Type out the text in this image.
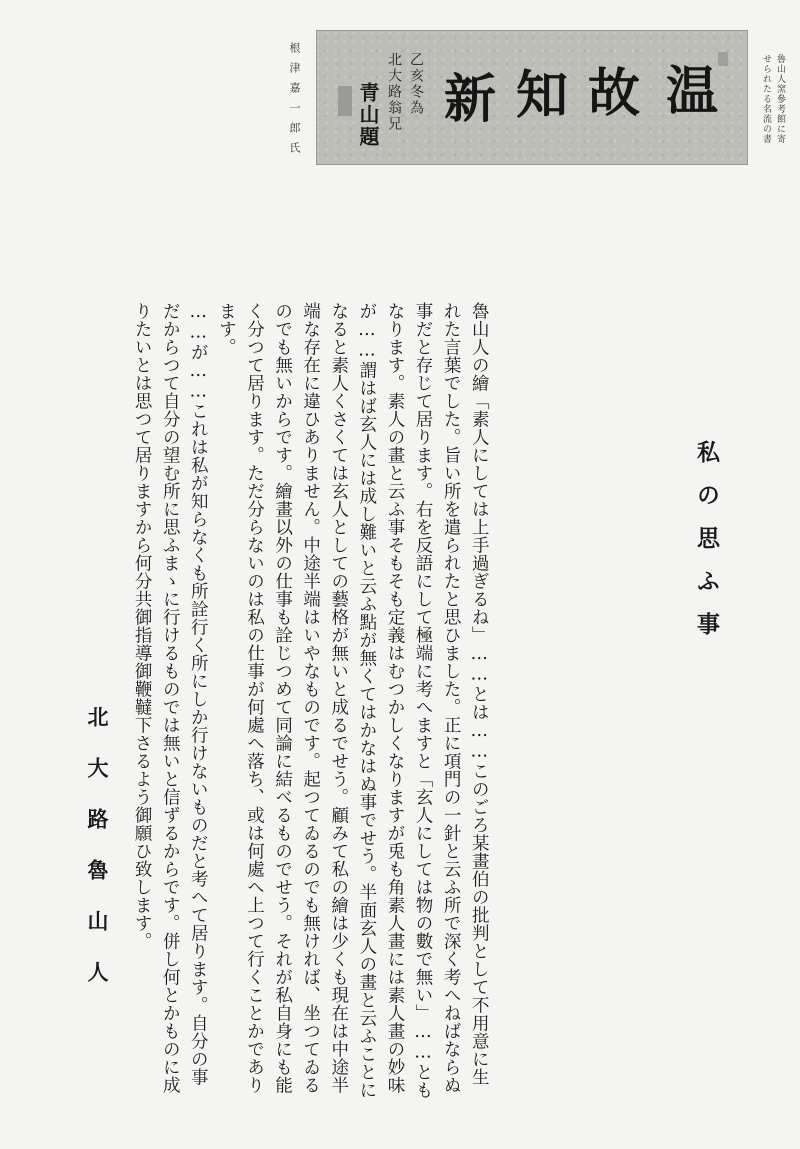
温
故
知
新
乙亥冬為
北大路翁兄
青山題
根津嘉一郎氏	魯山人窯參考館に寄
せられたる名流の書
私の思ふ事

魯山人の繪「素人にしては上手過ぎるね」……とは……このごろ某畫伯の批判として不用意に生れた言葉でした。旨い所を遣られたと思ひました。正に項門の一針と云ふ所で深く考へねばならぬ事だと存じて居ります。右を反語にして極端に考へますと「玄人にしては物の數で無い」……ともなります。素人の畫と云ふ事そもそも定義はむつかしくなりますが兎も角素人畫には素人畫の妙味が……謂はば玄人には成し難いと云ふ點が無くてはかなはぬ事でせう。半面玄人の畫と云ふことになると素人くさくては玄人としての藝格が無いと成るでせう。顧みて私の繪は少くも現在は中途半端な存在に違ひありません。中途半端はいやなものです。起つてゐるのでも無ければ、坐つてゐるのでも無いからです。繪畫以外の仕事も詮じつめて同論に結べるものでせう。それが私自身にも能く分つて居ります。ただ分らないのは私の仕事が何處へ落ち、或は何處へ上つて行くことかであります。

……が……これは私が知らなくも所詮行く所にしか行けないものだと考へて居ります。自分の事だからつて自分の望む所に思ふまゝに行けるものでは無いと信ずるからです。併し何とかものに成りたいとは思つて居りますから何分共御指導御鞭韃下さるよう御願ひ致します。

北大路魯山人
